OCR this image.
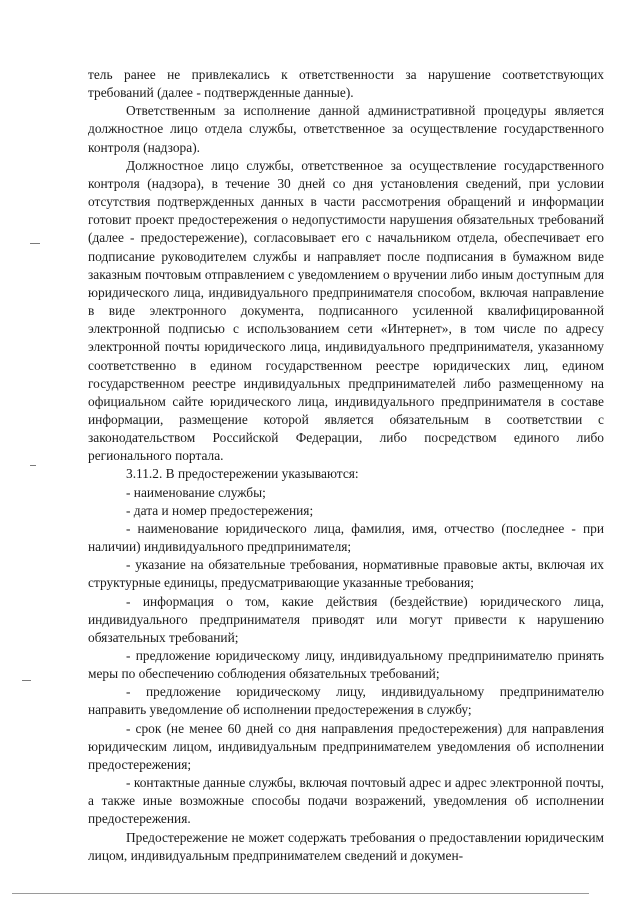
тель ранее не привлекались к ответственности за нарушение соответствующих требований (далее - подтвержденные данные).

Ответственным за исполнение данной административной процедуры является должностное лицо отдела службы, ответственное за осуществление государственного контроля (надзора).

Должностное лицо службы, ответственное за осуществление государственного контроля (надзора), в течение 30 дней со дня установления сведений, при условии отсутствия подтвержденных данных в части рассмотрения обращений и информации готовит проект предостережения о недопустимости нарушения обязательных требований (далее - предостережение), согласовывает его с начальником отдела, обеспечивает его подписание руководителем службы и направляет после подписания в бумажном виде заказным почтовым отправлением с уведомлением о вручении либо иным доступным для юридического лица, индивидуального предпринимателя способом, включая направление в виде электронного документа, подписанного усиленной квалифицированной электронной подписью с использованием сети «Интернет», в том числе по адресу электронной почты юридического лица, индивидуального предпринимателя, указанному соответственно в едином государственном реестре юридических лиц, едином государственном реестре индивидуальных предпринимателей либо размещенному на официальном сайте юридического лица, индивидуального предпринимателя в составе информации, размещение которой является обязательным в соответствии с законодательством Российской Федерации, либо посредством единого либо регионального портала.

3.11.2. В предостережении указываются:

- наименование службы;

- дата и номер предостережения;

- наименование юридического лица, фамилия, имя, отчество (последнее - при наличии) индивидуального предпринимателя;

- указание на обязательные требования, нормативные правовые акты, включая их структурные единицы, предусматривающие указанные требования;

- информация о том, какие действия (бездействие) юридического лица, индивидуального предпринимателя приводят или могут привести к нарушению обязательных требований;

- предложение юридическому лицу, индивидуальному предпринимателю принять меры по обеспечению соблюдения обязательных требований;

- предложение юридическому лицу, индивидуальному предпринимателю направить уведомление об исполнении предостережения в службу;

- срок (не менее 60 дней со дня направления предостережения) для направления юридическим лицом, индивидуальным предпринимателем уведомления об исполнении предостережения;

- контактные данные службы, включая почтовый адрес и адрес электронной почты, а также иные возможные способы подачи возражений, уведомления об исполнении предостережения.

Предостережение не может содержать требования о предоставлении юридическим лицом, индивидуальным предпринимателем сведений и докумен-
